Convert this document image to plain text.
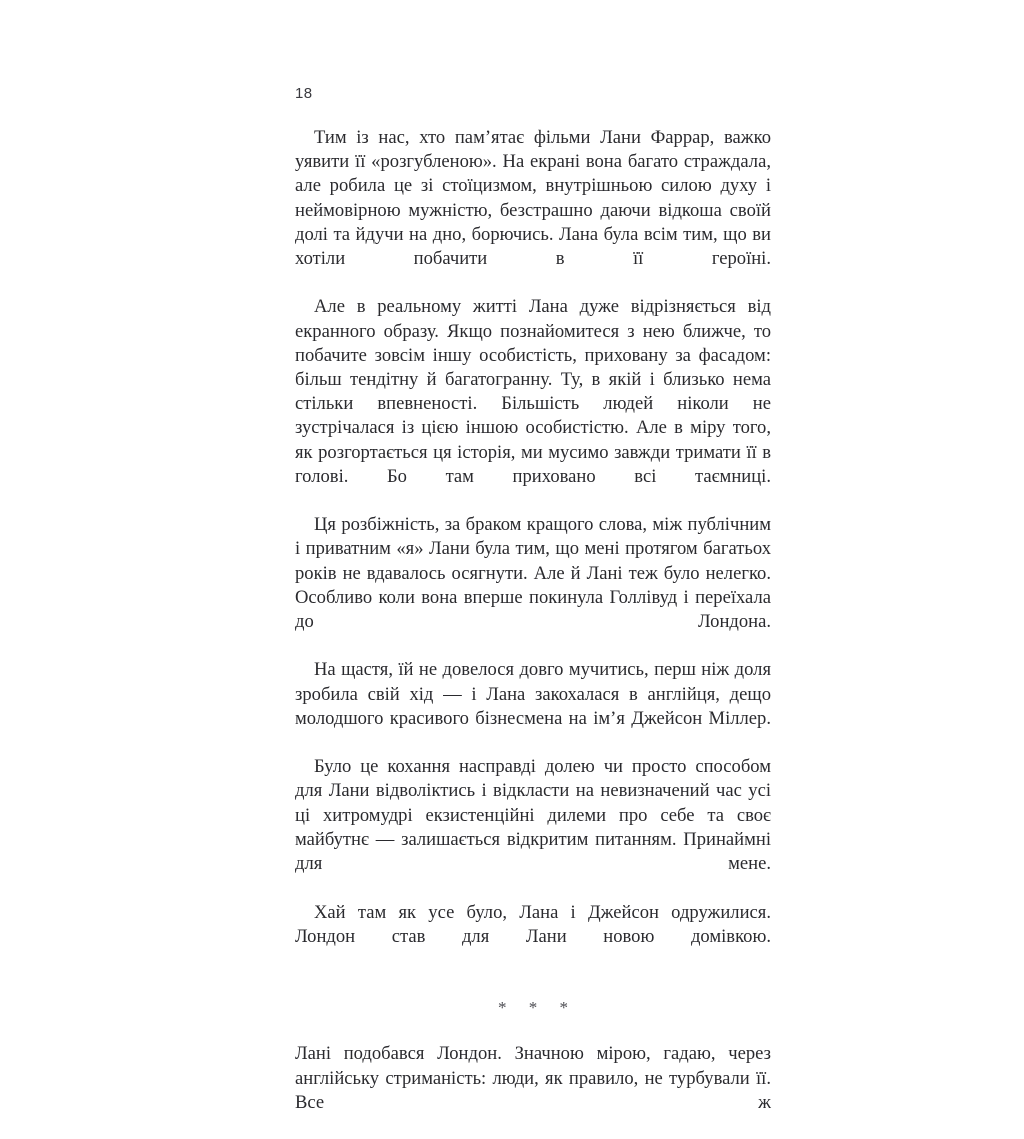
18

Тим із нас, хто пам’ятає фільми Лани Фаррар, важко уявити її «розгубленою». На екрані вона багато страждала, але робила це зі стоїцизмом, внутрішньою силою духу і неймовірною мужністю, безстрашно даючи відкоша своїй долі та йдучи на дно, борючись. Лана була всім тим, що ви хотіли побачити в її героїні.

Але в реальному житті Лана дуже відрізняється від екранного образу. Якщо познайомитеся з нею ближче, то побачите зовсім іншу особистість, приховану за фасадом: більш тендітну й багатогранну. Ту, в якій і близько нема стільки впевненості. Більшість людей ніколи не зустрічалася із цією іншою особистістю. Але в міру того, як розгортається ця історія, ми мусимо завжди тримати її в голові. Бо там приховано всі таємниці.

Ця розбіжність, за браком кращого слова, між публічним і приватним «я» Лани була тим, що мені протягом багатьох років не вдавалось осягнути. Але й Лані теж було нелегко. Особливо коли вона вперше покинула Голлівуд і переїхала до Лондона.

На щастя, їй не довелося довго мучитись, перш ніж доля зробила свій хід — і Лана закохалася в англійця, дещо молодшого красивого бізнесмена на ім’я Джейсон Міллер.

Було це кохання насправді долею чи просто способом для Лани відволіктись і відкласти на невизначений час усі ці хитромудрі екзистенційні дилеми про себе та своє майбутнє — залишається відкритим питанням. Принаймні для мене.

Хай там як усе було, Лана і Джейсон одружилися. Лондон став для Лани новою домівкою.

* * *

Лані подобався Лондон. Значною мірою, гадаю, через англійську стриманість: люди, як правило, не турбували її. Все ж
